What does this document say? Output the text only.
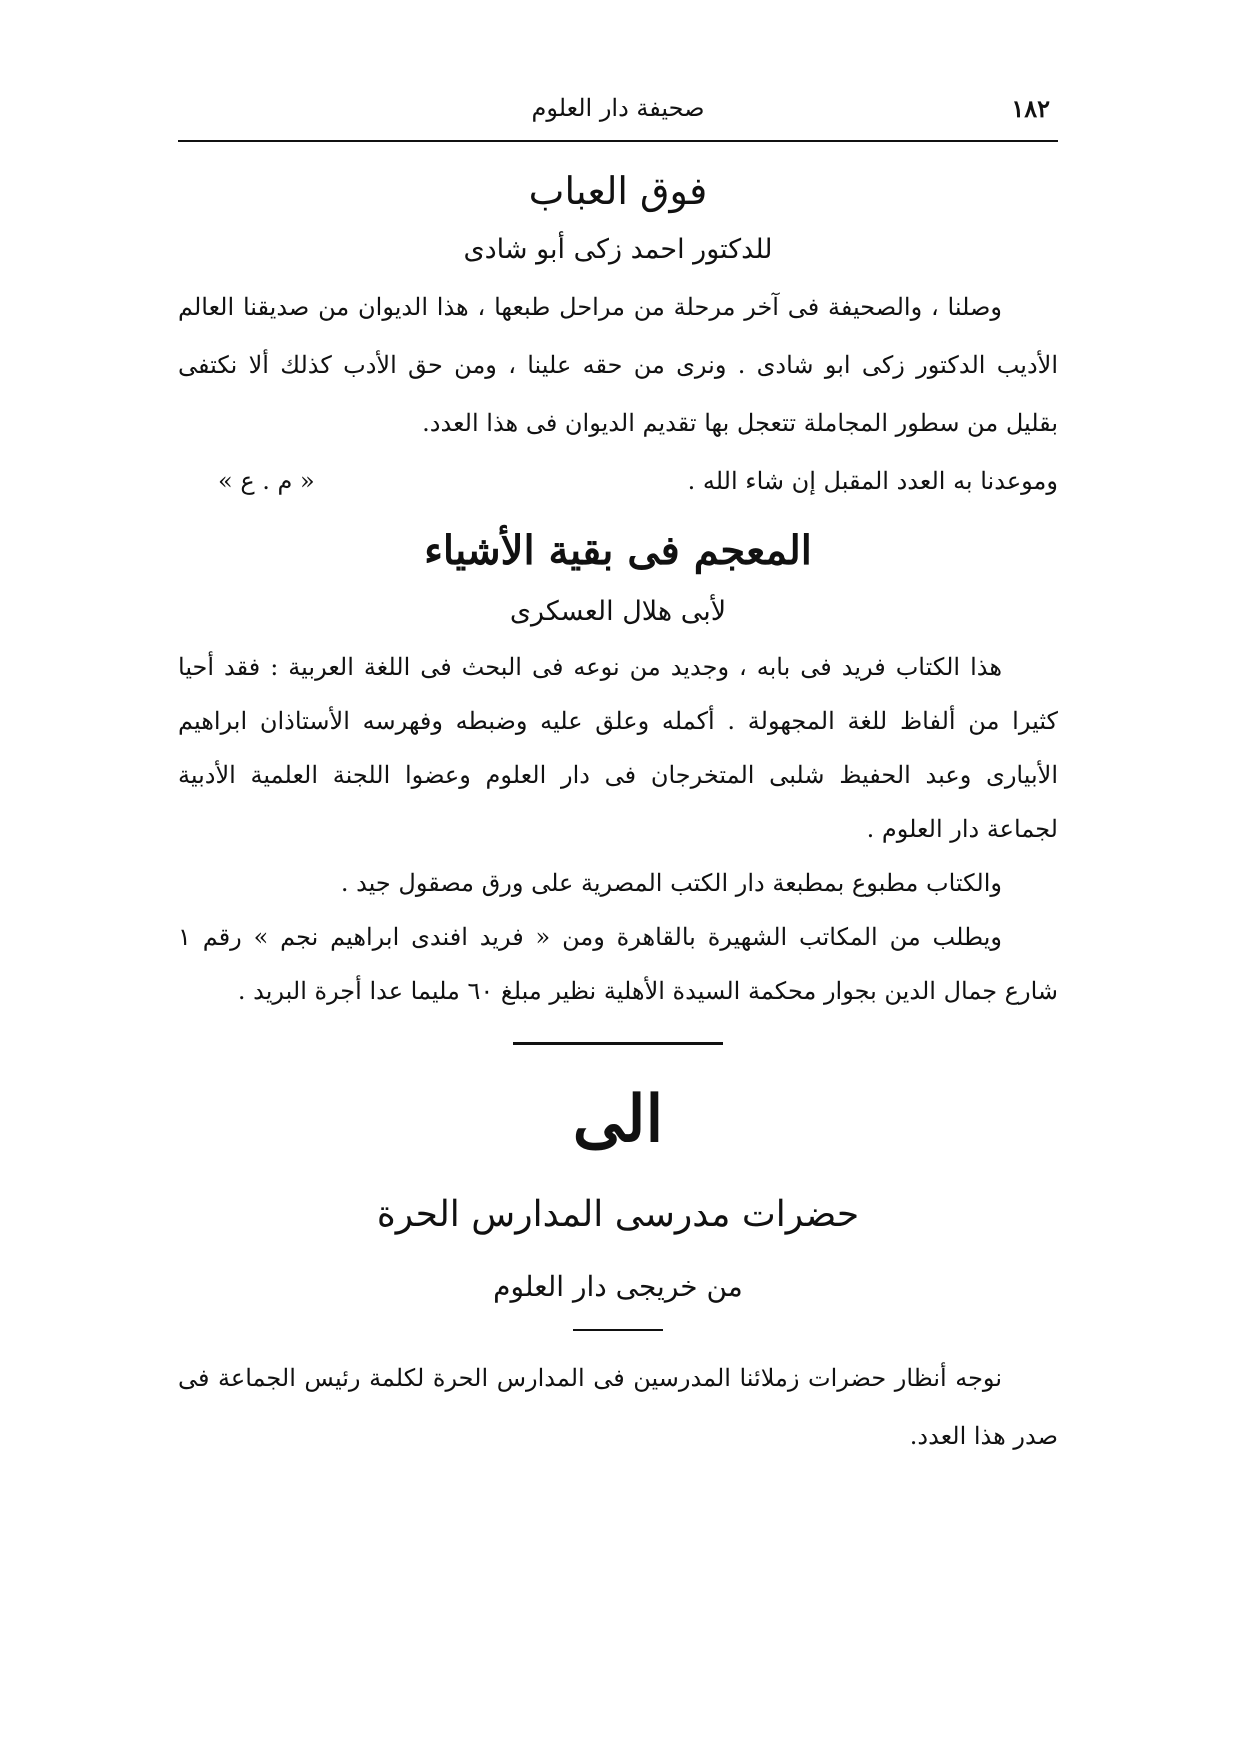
صحيفة دار العلوم	١٨٢
فوق العباب
للدكتور احمد زكى أبو شادى

وصلنا ، والصحيفة فى آخر مرحلة من مراحل طبعها ، هذا الديوان من صديقنا العالم الأديب الدكتور زكى ابو شادى . ونرى من حقه علينا ، ومن حق الأدب كذلك ألا نكتفى بقليل من سطور المجاملة تتعجل بها تقديم الديوان فى هذا العدد.

وموعدنا به العدد المقبل إن شاء الله .
« م . ع »
المعجم فى بقية الأشياء
لأبى هلال العسكرى

هذا الكتاب فريد فى بابه ، وجديد من نوعه فى البحث فى اللغة العربية : فقد أحيا كثيرا من ألفاظ للغة المجهولة . أكمله وعلق عليه وضبطه وفهرسه الأستاذان ابراهيم الأبيارى وعبد الحفيظ شلبى المتخرجان فى دار العلوم وعضوا اللجنة العلمية الأدبية لجماعة دار العلوم .

والكتاب مطبوع بمطبعة دار الكتب المصرية على ورق مصقول جيد .

ويطلب من المكاتب الشهيرة بالقاهرة ومن « فريد افندى ابراهيم نجم » رقم ١ شارع جمال الدين بجوار محكمة السيدة الأهلية نظير مبلغ ٦٠ مليما عدا أجرة البريد .

الى
حضرات مدرسى المدارس الحرة
من خريجى دار العلوم

نوجه أنظار حضرات زملائنا المدرسين فى المدارس الحرة لكلمة رئيس الجماعة فى صدر هذا العدد.
